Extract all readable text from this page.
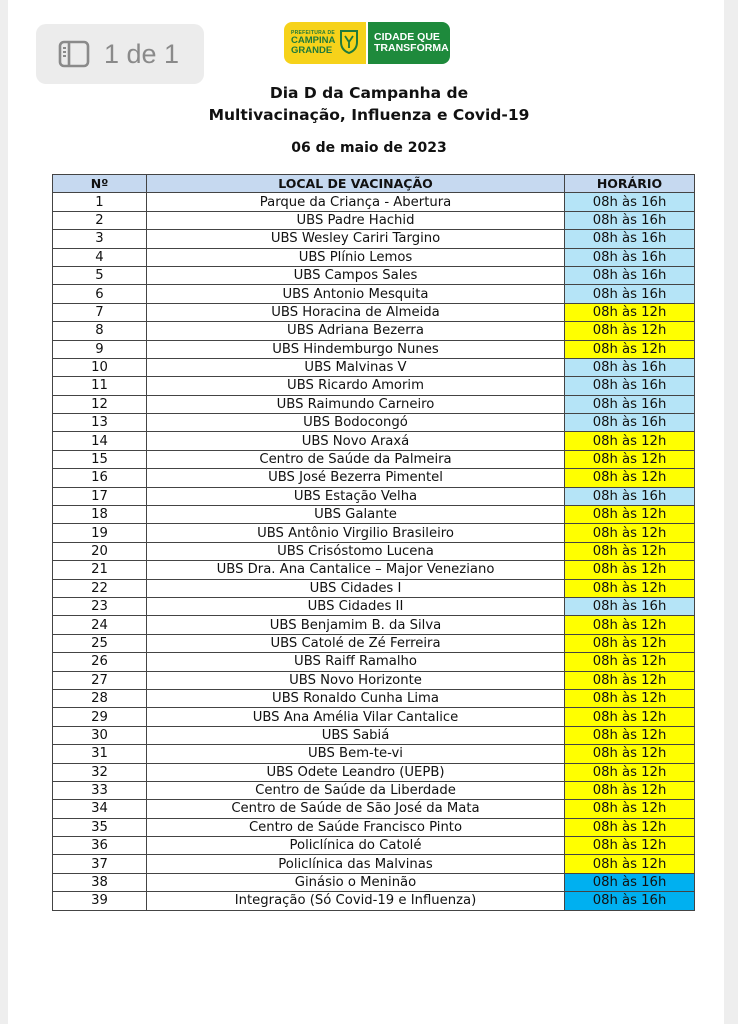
1 de 1
PREFEITURA DE
CAMPINA
GRANDE
CIDADE QUE
TRANSFORMA
Dia D da Campanha de
Multivacinação, Influenza e Covid-19
06 de maio de 2023
Nº	LOCAL DE VACINAÇÃO	HORÁRIO
1	Parque da Criança - Abertura	08h às 16h
2	UBS Padre Hachid	08h às 16h
3	UBS Wesley Cariri Targino	08h às 16h
4	UBS Plínio Lemos	08h às 16h
5	UBS Campos Sales	08h às 16h
6	UBS Antonio Mesquita	08h às 16h
7	UBS Horacina de Almeida	08h às 12h
8	UBS Adriana Bezerra	08h às 12h
9	UBS Hindemburgo Nunes	08h às 12h
10	UBS Malvinas V	08h às 16h
11	UBS Ricardo Amorim	08h às 16h
12	UBS Raimundo Carneiro	08h às 16h
13	UBS Bodocongó	08h às 16h
14	UBS Novo Araxá	08h às 12h
15	Centro de Saúde da Palmeira	08h às 12h
16	UBS José Bezerra Pimentel	08h às 12h
17	UBS Estação Velha	08h às 16h
18	UBS Galante	08h às 12h
19	UBS Antônio Virgilio Brasileiro	08h às 12h
20	UBS Crisóstomo Lucena	08h às 12h
21	UBS Dra. Ana Cantalice – Major Veneziano	08h às 12h
22	UBS Cidades I	08h às 12h
23	UBS Cidades II	08h às 16h
24	UBS Benjamim B. da Silva	08h às 12h
25	UBS Catolé de Zé Ferreira	08h às 12h
26	UBS Raiff Ramalho	08h às 12h
27	UBS Novo Horizonte	08h às 12h
28	UBS Ronaldo Cunha Lima	08h às 12h
29	UBS Ana Amélia Vilar Cantalice	08h às 12h
30	UBS Sabiá	08h às 12h
31	UBS Bem-te-vi	08h às 12h
32	UBS Odete Leandro (UEPB)	08h às 12h
33	Centro de Saúde da Liberdade	08h às 12h
34	Centro de Saúde de São José da Mata	08h às 12h
35	Centro de Saúde Francisco Pinto	08h às 12h
36	Policlínica do Catolé	08h às 12h
37	Policlínica das Malvinas	08h às 12h
38	Ginásio o Meninão	08h às 16h
39	Integração (Só Covid-19 e Influenza)	08h às 16h
